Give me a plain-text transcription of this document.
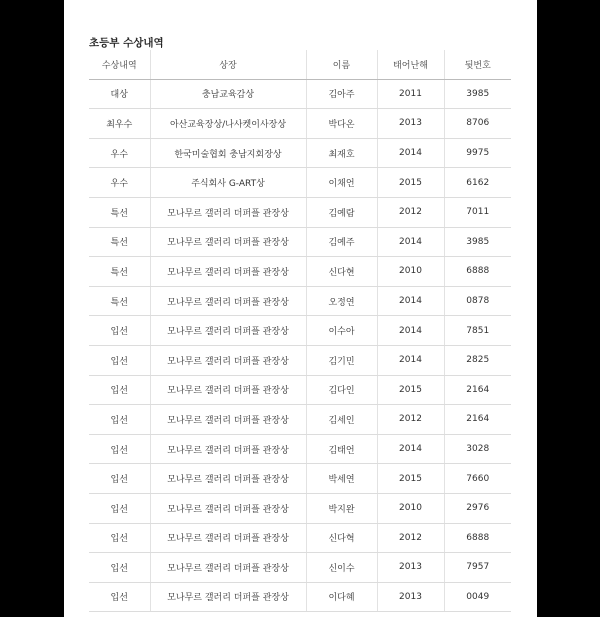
초등부 수상내역
수상내역	상장	이름	태어난해	뒷번호
대상	충남교육감상	김아주	2011	3985
최우수	아산교육장상/나사켓이사장상	박다온	2013	8706
우수	한국미술협회 충남지회장상	최재호	2014	9975
우수	주식회사 G-ART상	이채언	2015	6162
특선	모나무르 갤러리 더퍼플 관장상	김예람	2012	7011
특선	모나무르 갤러리 더퍼플 관장상	김예주	2014	3985
특선	모나무르 갤러리 더퍼플 관장상	신다현	2010	6888
특선	모나무르 갤러리 더퍼플 관장상	오정연	2014	0878
입선	모나무르 갤러리 더퍼플 관장상	이수아	2014	7851
입선	모나무르 갤러리 더퍼플 관장상	김기민	2014	2825
입선	모나무르 갤러리 더퍼플 관장상	김다인	2015	2164
입선	모나무르 갤러리 더퍼플 관장상	김세인	2012	2164
입선	모나무르 갤러리 더퍼플 관장상	김태언	2014	3028
입선	모나무르 갤러리 더퍼플 관장상	박세연	2015	7660
입선	모나무르 갤러리 더퍼플 관장상	박지완	2010	2976
입선	모나무르 갤러리 더퍼플 관장상	신다혁	2012	6888
입선	모나무르 갤러리 더퍼플 관장상	신이수	2013	7957
입선	모나무르 갤러리 더퍼플 관장상	이다혜	2013	0049
